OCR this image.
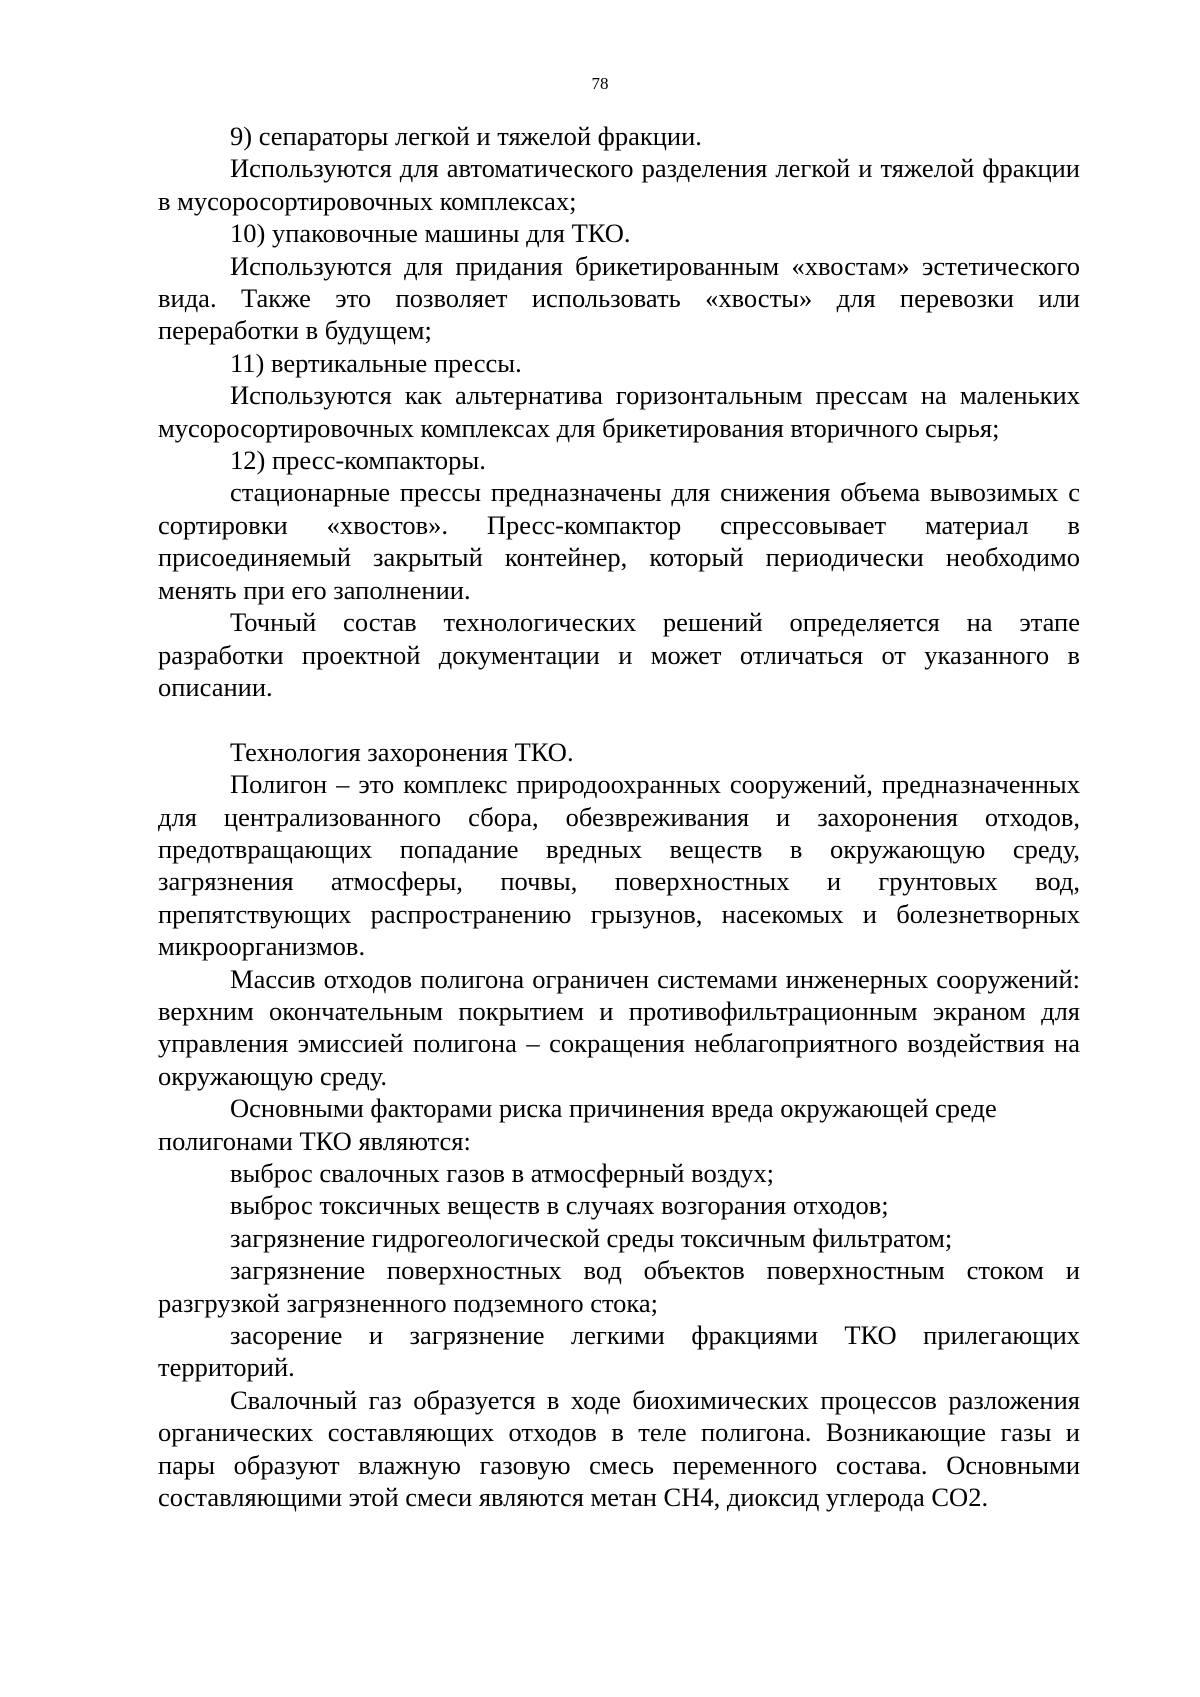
78

9) сепараторы легкой и тяжелой фракции.

Используются для автоматического разделения легкой и тяжелой фракции в мусоросортировочных комплексах;

10) упаковочные машины для ТКО.

Используются для придания брикетированным «хвостам» эстетического вида. Также это позволяет использовать «хвосты» для перевозки или переработки в будущем;

11) вертикальные прессы.

Используются как альтернатива горизонтальным прессам на маленьких мусоросортировочных комплексах для брикетирования вторичного сырья;

12) пресс-компакторы.

стационарные прессы предназначены для снижения объема вывозимых с сортировки «хвостов». Пресс-компактор спрессовывает материал в присоединяемый закрытый контейнер, который периодически необходимо менять при его заполнении.

Точный состав технологических решений определяется на этапе разработки проектной документации и может отличаться от указанного в описании.

Технология захоронения ТКО.

Полигон – это комплекс природоохранных сооружений, предназначенных для централизованного сбора, обезвреживания и захоронения отходов, предотвращающих попадание вредных веществ в окружающую среду, загрязнения атмосферы, почвы, поверхностных и грунтовых вод, препятствующих распространению грызунов, насекомых и болезнетворных микроорганизмов.

Массив отходов полигона ограничен системами инженерных сооружений: верхним окончательным покрытием и противофильтрационным экраном для управления эмиссией полигона – сокращения неблагоприятного воздействия на окружающую среду.

Основными факторами риска причинения вреда окружающей среде полигонами ТКО являются:

выброс свалочных газов в атмосферный воздух;

выброс токсичных веществ в случаях возгорания отходов;

загрязнение гидрогеологической среды токсичным фильтратом;

загрязнение поверхностных вод объектов поверхностным стоком и разгрузкой загрязненного подземного стока;

засорение и загрязнение легкими фракциями ТКО прилегающих территорий.

Свалочный газ образуется в ходе биохимических процессов разложения органических составляющих отходов в теле полигона. Возникающие газы и пары образуют влажную газовую смесь переменного состава. Основными составляющими этой смеси являются метан CH4, диоксид углерода CO2.
